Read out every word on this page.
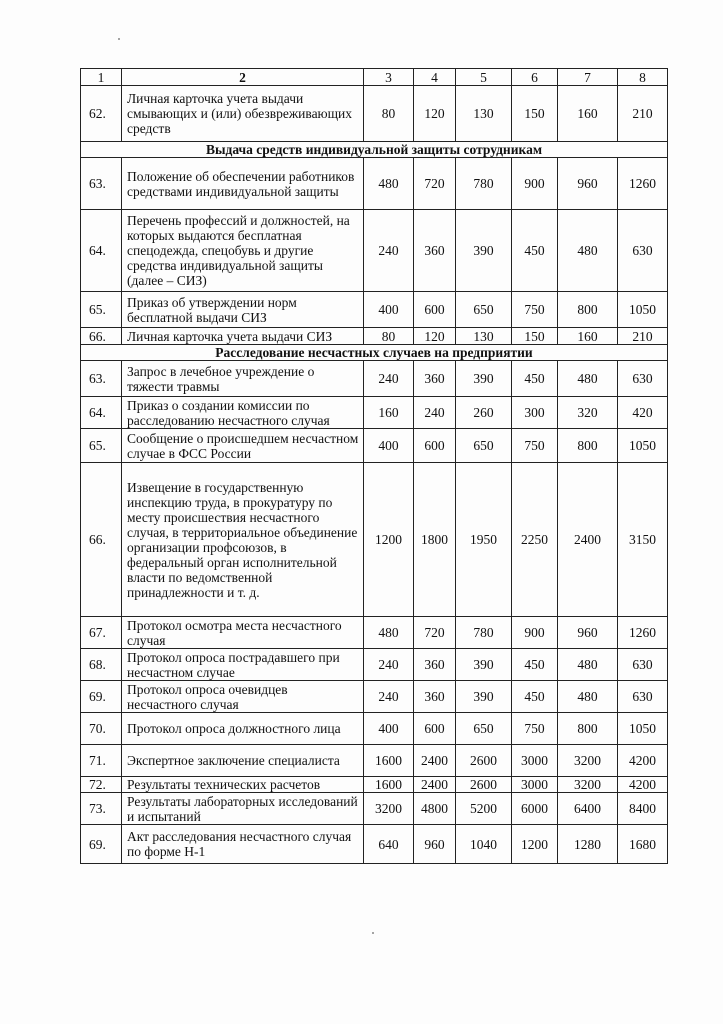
1	2	3	4	5	6	7	8
62.	Личная карточка учета выдачи смывающих и (или) обезвреживающих средств	80	120	130	150	160	210
Выдача средств индивидуальной защиты сотрудникам							
63.	Положение об обеспечении работников средствами индивидуальной защиты	480	720	780	900	960	1260
64.	Перечень профессий и должностей, на которых выдаются бесплатная спецодежда, спецобувь и другие средства индивидуальной защиты (далее – СИЗ)	240	360	390	450	480	630
65.	Приказ об утверждении норм бесплатной выдачи СИЗ	400	600	650	750	800	1050
66.	Личная карточка учета выдачи СИЗ	80	120	130	150	160	210
Расследование несчастных случаев на предприятии							
63.	Запрос в лечебное учреждение о тяжести травмы	240	360	390	450	480	630
64.	Приказ о создании комиссии по расследованию несчастного случая	160	240	260	300	320	420
65.	Сообщение о происшедшем несчастном случае в ФСС России	400	600	650	750	800	1050
66.	Извещение в государственную инспекцию труда, в прокуратуру по месту происшествия несчастного случая, в территориальное объединение организации профсоюзов, в федеральный орган исполнительной власти по ведомственной принадлежности и т. д.	1200	1800	1950	2250	2400	3150
67.	Протокол осмотра места несчастного случая	480	720	780	900	960	1260
68.	Протокол опроса пострадавшего при несчастном случае	240	360	390	450	480	630
69.	Протокол опроса очевидцев несчастного случая	240	360	390	450	480	630
70.	Протокол опроса должностного лица	400	600	650	750	800	1050
71.	Экспертное заключение специалиста	1600	2400	2600	3000	3200	4200
72.	Результаты технических расчетов	1600	2400	2600	3000	3200	4200
73.	Результаты лабораторных исследований и испытаний	3200	4800	5200	6000	6400	8400
69.	Акт расследования несчастного случая по форме Н-1	640	960	1040	1200	1280	1680
